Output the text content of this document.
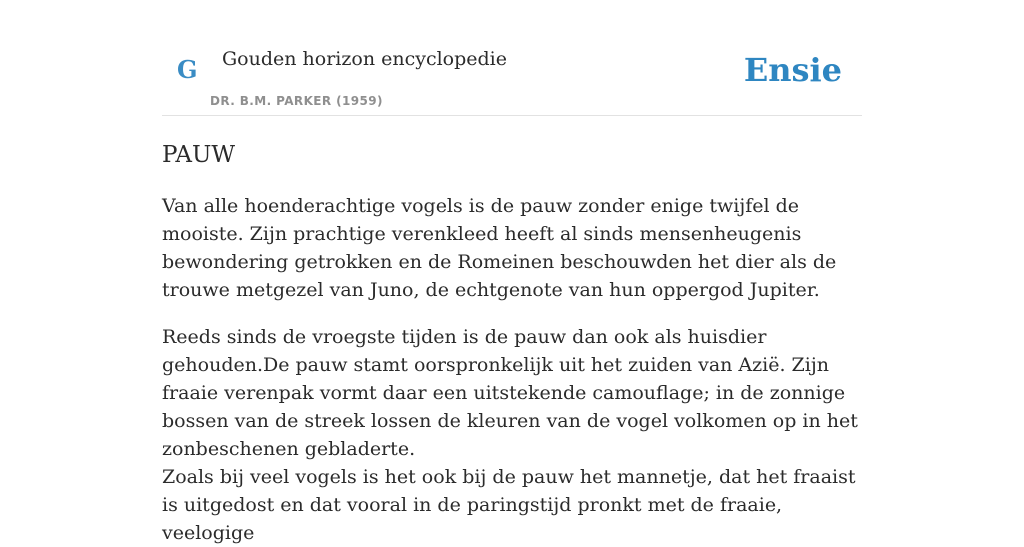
G Gouden horizon encyclopedie
DR. B.M. PARKER (1959)
Ensie
PAUW

Van alle hoenderachtige vogels is de pauw zonder enige twijfel de mooiste. Zijn prachtige verenkleed heeft al sinds mensenheugenis bewondering getrokken en de Romeinen beschouwden het dier als de trouwe metgezel van Juno, de echtgenote van hun oppergod Jupiter.

Reeds sinds de vroegste tijden is de pauw dan ook als huisdier gehouden.De pauw stamt oorspronkelijk uit het zuiden van Azië. Zijn fraaie verenpak vormt daar een uitstekende camouflage; in de zonnige bossen van de streek lossen de kleuren van de vogel volkomen op in het zonbeschenen gebladerte.

Zoals bij veel vogels is het ook bij de pauw het mannetje, dat het fraaist is uitgedost en dat vooral in de paringstijd pronkt met de fraaie, veelogige
